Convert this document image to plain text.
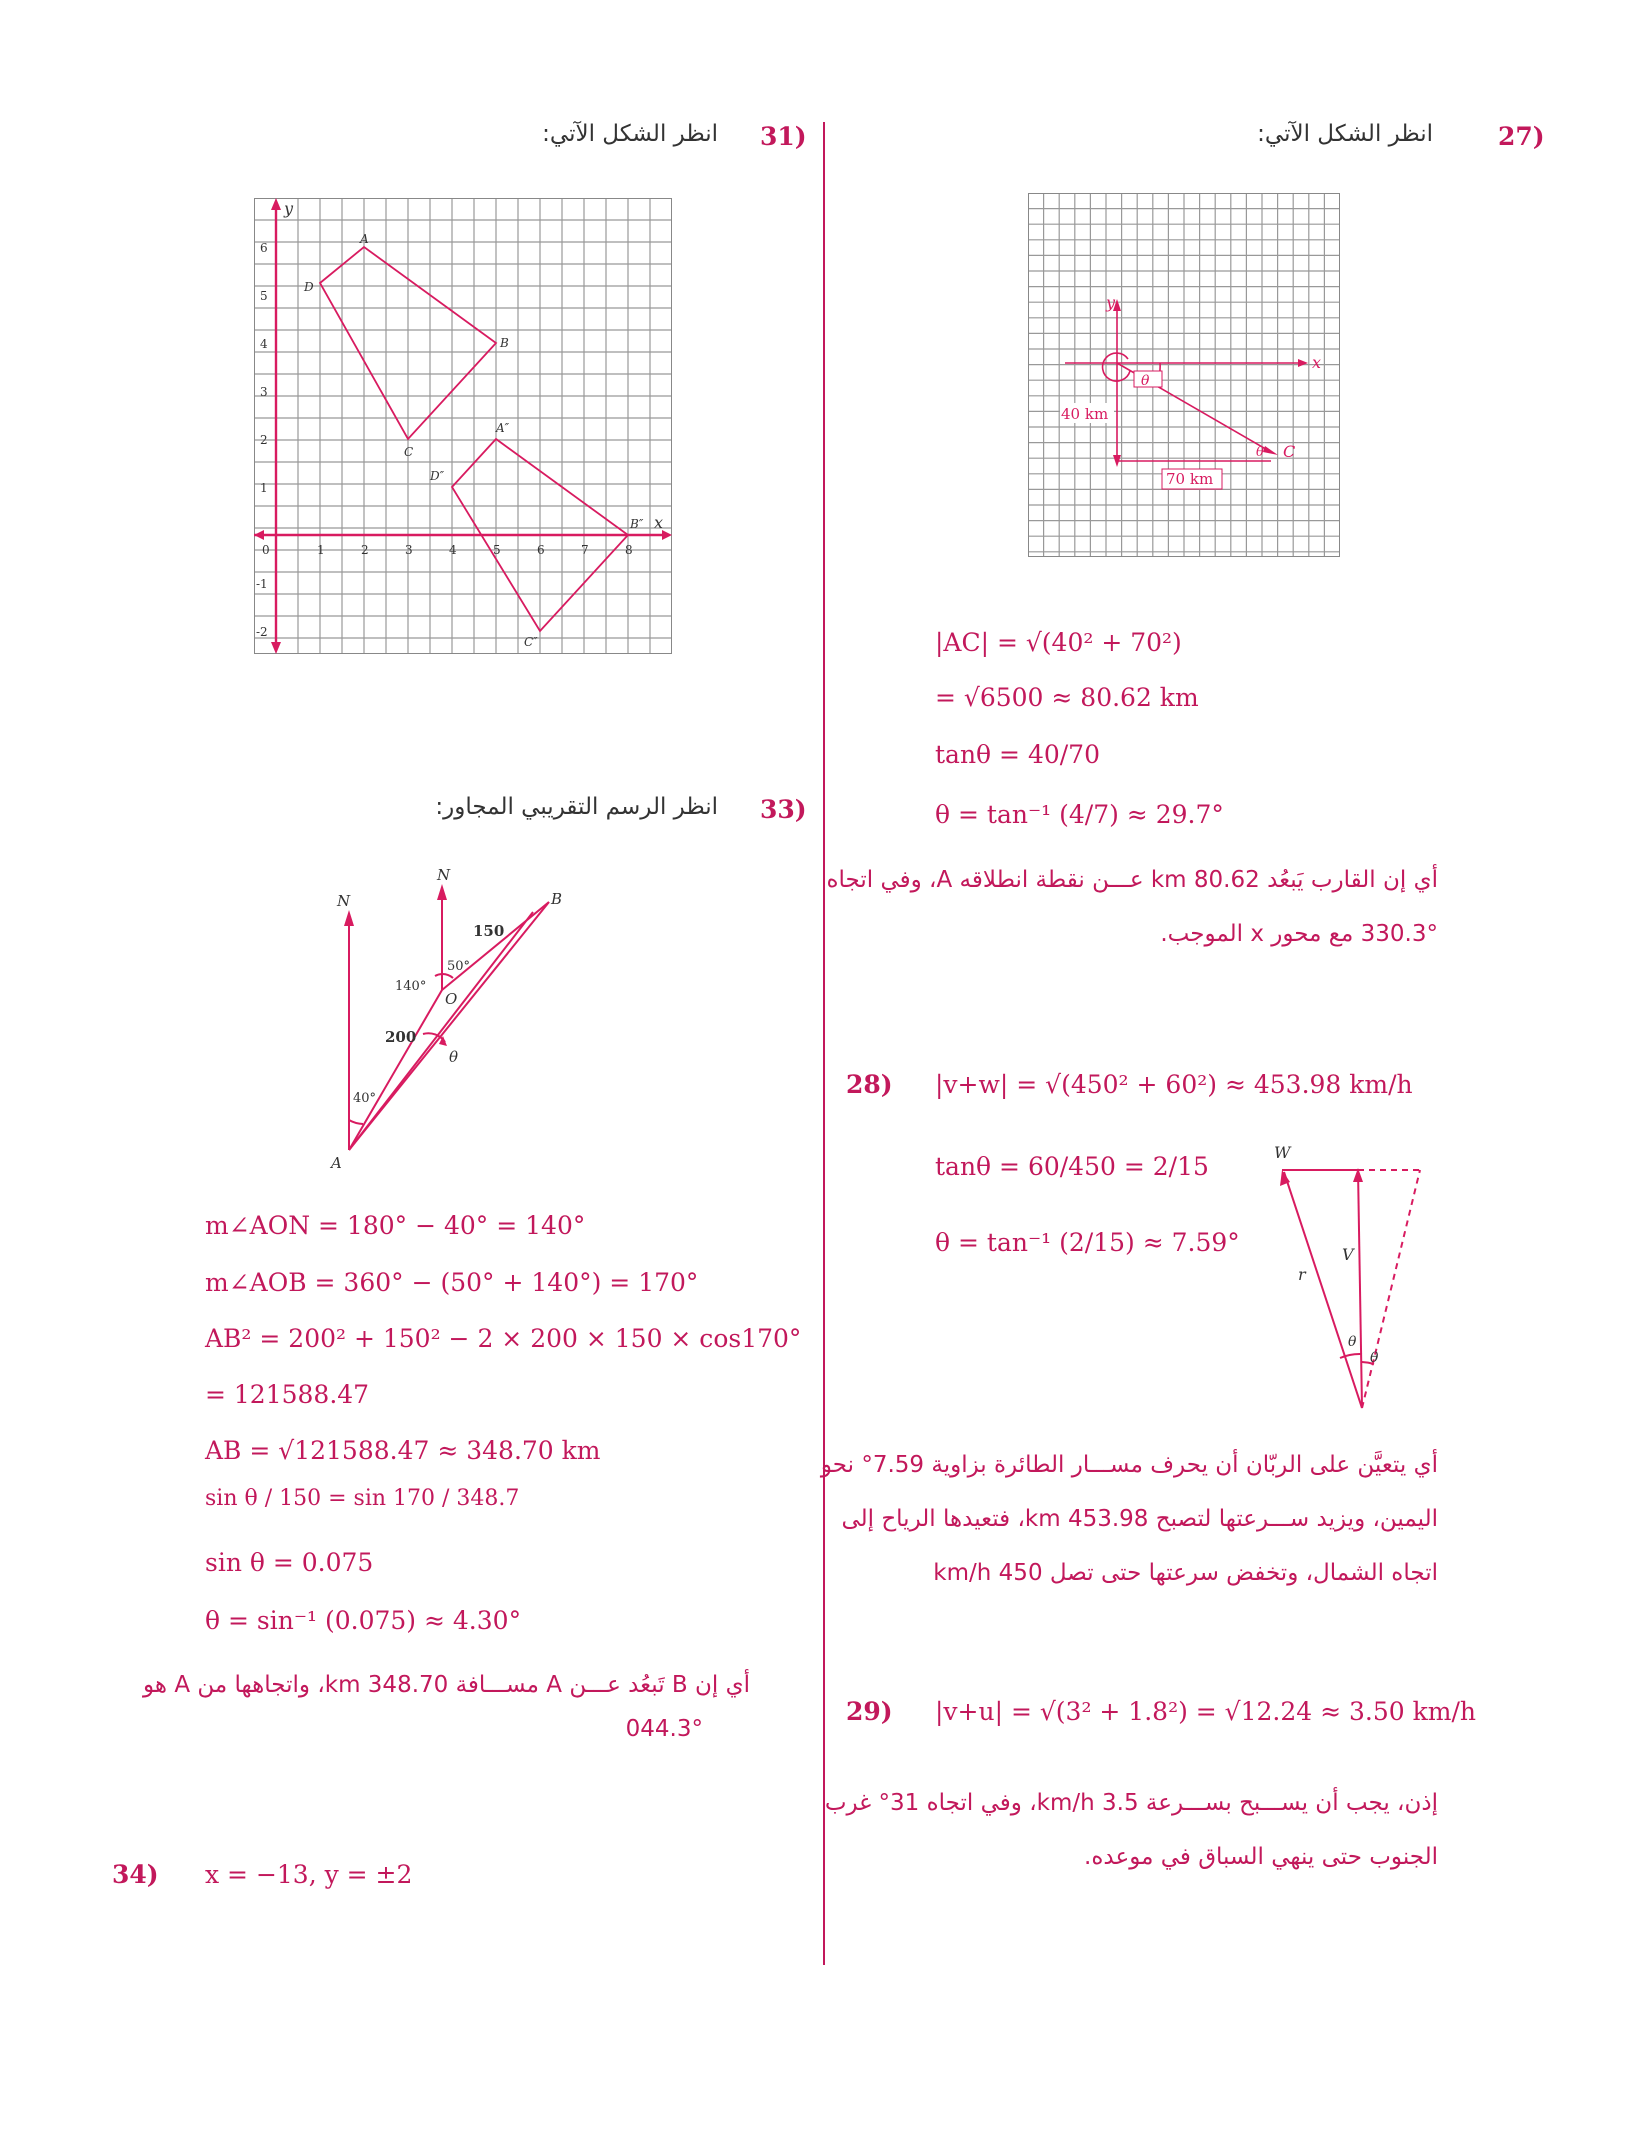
27)
انظر الشكل الآتي:
θ
y
x
40 km
70 km
C
θ
|AC| = √(40² + 70²)
= √6500 ≈ 80.62 km
tanθ = 40/70
θ = tan⁻¹ (4/7) ≈ 29.7°
أي إن القارب يَبعُد 80.62 km عـــن نقطة انطلاقه A، وفي اتجاه
330.3° مع محور x الموجب.
28) |v+w| = √(450² + 60²) ≈ 453.98 km/h
tanθ = 60/450 = 2/15
θ = tan⁻¹ (2/15) ≈ 7.59°
W
V
r
θ
θ
أي يتعيَّن على الربّان أن يحرف مســـار الطائرة بزاوية 7.59° نحو
اليمين، ويزيد ســـرعتها لتصبح 453.98 km، فتعيدها الرياح إلى
اتجاه الشمال، وتخفض سرعتها حتى تصل 450 km/h
29) |v+u| = √(3² + 1.8²) = √12.24 ≈ 3.50 km/h
إذن، يجب أن يســـبح بســـرعة 3.5 km/h، وفي اتجاه 31° غرب
الجنوب حتى ينهي السباق في موعده.
31)
انظر الشكل الآتي:
D
A
B
C
D″
A″
B″
C″
y
x
0	1	2	3	4	5	6	7	8
6
5
4
3
2
1
-1
-2
33)
انظر الرسم التقريبي المجاور:
N
N
B
A
O
θ
150
200
50°
140°
40°
m∠AON = 180° − 40° = 140°
m∠AOB = 360° − (50° + 140°) = 170°
AB² = 200² + 150² − 2 × 200 × 150 × cos170°
= 121588.47
AB = √121588.47 ≈ 348.70 km
sin θ / 150 = sin 170 / 348.7
sin θ = 0.075
θ = sin⁻¹ (0.075) ≈ 4.30°
أي إن B تَبعُد عـــن A مســـافة 348.70 km، واتجاهها من A هو
044.3°
34) x = −13, y = ±2
